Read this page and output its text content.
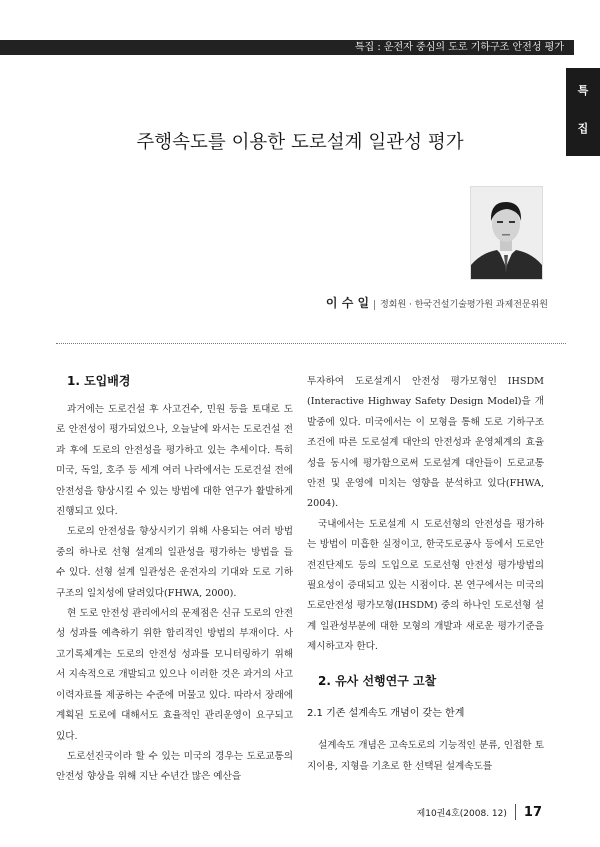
특집 : 운전자 중심의 도로 기하구조 안전성 평가
특
집
주행속도를 이용한 도로설계 일관성 평가
이 수 일 정회원 · 한국건설기술평가원 과제전문위원

1. 도입배경

과거에는 도로건설 후 사고건수, 민원 등을 토대로 도로 안전성이 평가되었으나, 오늘날에 와서는 도로건설 전과 후에 도로의 안전성을 평가하고 있는 추세이다. 특히 미국, 독일, 호주 등 세계 여러 나라에서는 도로건설 전에 안전성을 향상시킬 수 있는 방법에 대한 연구가 활발하게 진행되고 있다.

도로의 안전성을 향상시키기 위해 사용되는 여러 방법 중의 하나로 선형 설계의 일관성을 평가하는 방법을 들 수 있다. 선형 설계 일관성은 운전자의 기대와 도로 기하구조의 일치성에 달려있다(FHWA, 2000).

현 도로 안전성 관리에서의 문제점은 신규 도로의 안전성 성과를 예측하기 위한 합리적인 방법의 부재이다. 사고기록체계는 도로의 안전성 성과를 모니터링하기 위해서 지속적으로 개발되고 있으나 이러한 것은 과거의 사고이력자료를 제공하는 수준에 머물고 있다. 따라서 장래에 계획된 도로에 대해서도 효율적인 관리운영이 요구되고 있다.

도로선진국이라 할 수 있는 미국의 경우는 도로교통의 안전성 향상을 위해 지난 수년간 많은 예산을

투자하여 도로설계시 안전성 평가모형인 IHSDM (Interactive Highway Safety Design Model)을 개발중에 있다. 미국에서는 이 모형을 통해 도로 기하구조 조건에 따른 도로설계 대안의 안전성과 운영체계의 효율성을 동시에 평가함으로써 도로설계 대안들이 도로교통안전 및 운영에 미치는 영향을 분석하고 있다(FHWA, 2004).

국내에서는 도로설계 시 도로선형의 안전성을 평가하는 방법이 미흡한 실정이고, 한국도로공사 등에서 도로안전진단제도 등의 도입으로 도로선형 안전성 평가방법의 필요성이 증대되고 있는 시점이다. 본 연구에서는 미국의 도로안전성 평가모형(IHSDM) 중의 하나인 도로선형 설계 일관성부분에 대한 모형의 개발과 새로운 평가기준을 제시하고자 한다.

2. 유사 선행연구 고찰

2.1 기존 설계속도 개념이 갖는 한계

설계속도 개념은 고속도로의 기능적인 분류, 인접한 토지이용, 지형을 기초로 한 선택된 설계속도를

제10권4호(2008. 12) 17
